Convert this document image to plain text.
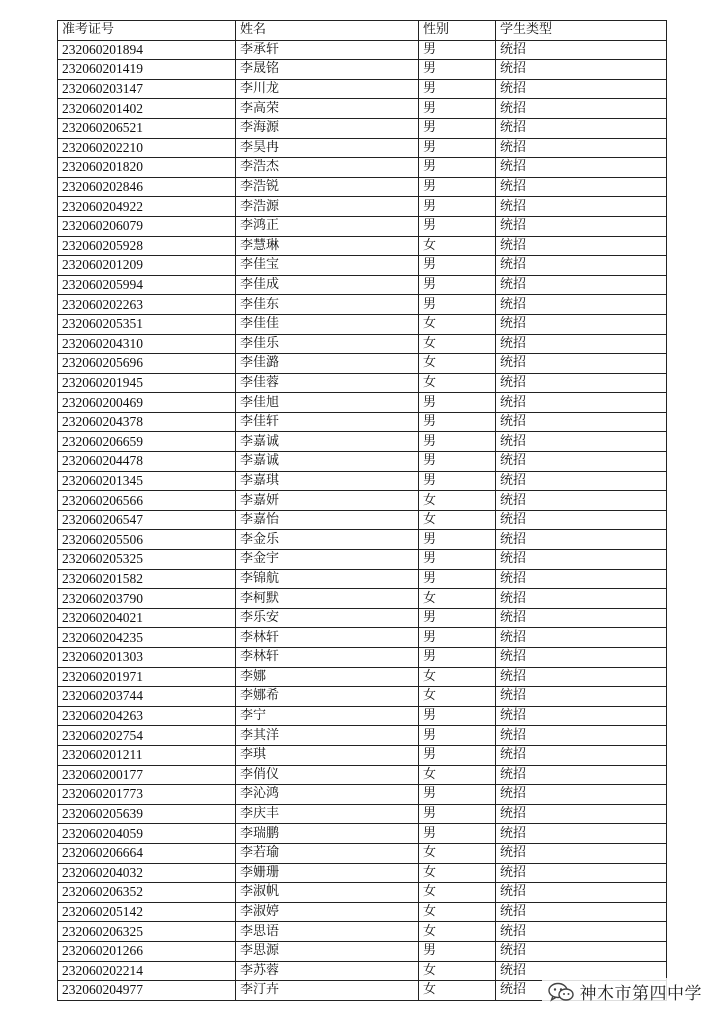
准考证号	姓名	性别	学生类型
232060201894	李承轩	男	统招
232060201419	李晟铭	男	统招
232060203147	李川龙	男	统招
232060201402	李高荣	男	统招
232060206521	李海源	男	统招
232060202210	李昊冉	男	统招
232060201820	李浩杰	男	统招
232060202846	李浩锐	男	统招
232060204922	李浩源	男	统招
232060206079	李鸿正	男	统招
232060205928	李慧琳	女	统招
232060201209	李佳宝	男	统招
232060205994	李佳成	男	统招
232060202263	李佳东	男	统招
232060205351	李佳佳	女	统招
232060204310	李佳乐	女	统招
232060205696	李佳潞	女	统招
232060201945	李佳蓉	女	统招
232060200469	李佳旭	男	统招
232060204378	李佳轩	男	统招
232060206659	李嘉诚	男	统招
232060204478	李嘉诚	男	统招
232060201345	李嘉琪	男	统招
232060206566	李嘉妍	女	统招
232060206547	李嘉怡	女	统招
232060205506	李金乐	男	统招
232060205325	李金宇	男	统招
232060201582	李锦航	男	统招
232060203790	李柯默	女	统招
232060204021	李乐安	男	统招
232060204235	李林轩	男	统招
232060201303	李林轩	男	统招
232060201971	李娜	女	统招
232060203744	李娜希	女	统招
232060204263	李宁	男	统招
232060202754	李其洋	男	统招
232060201211	李琪	男	统招
232060200177	李俏仪	女	统招
232060201773	李沁鸿	男	统招
232060205639	李庆丰	男	统招
232060204059	李瑞鹏	男	统招
232060206664	李若瑜	女	统招
232060204032	李姗珊	女	统招
232060206352	李淑帆	女	统招
232060205142	李淑婷	女	统招
232060206325	李思语	女	统招
232060201266	李思源	男	统招
232060202214	李苏蓉	女	统招
232060204977	李汀卉	女	统招	神木市第四中学
